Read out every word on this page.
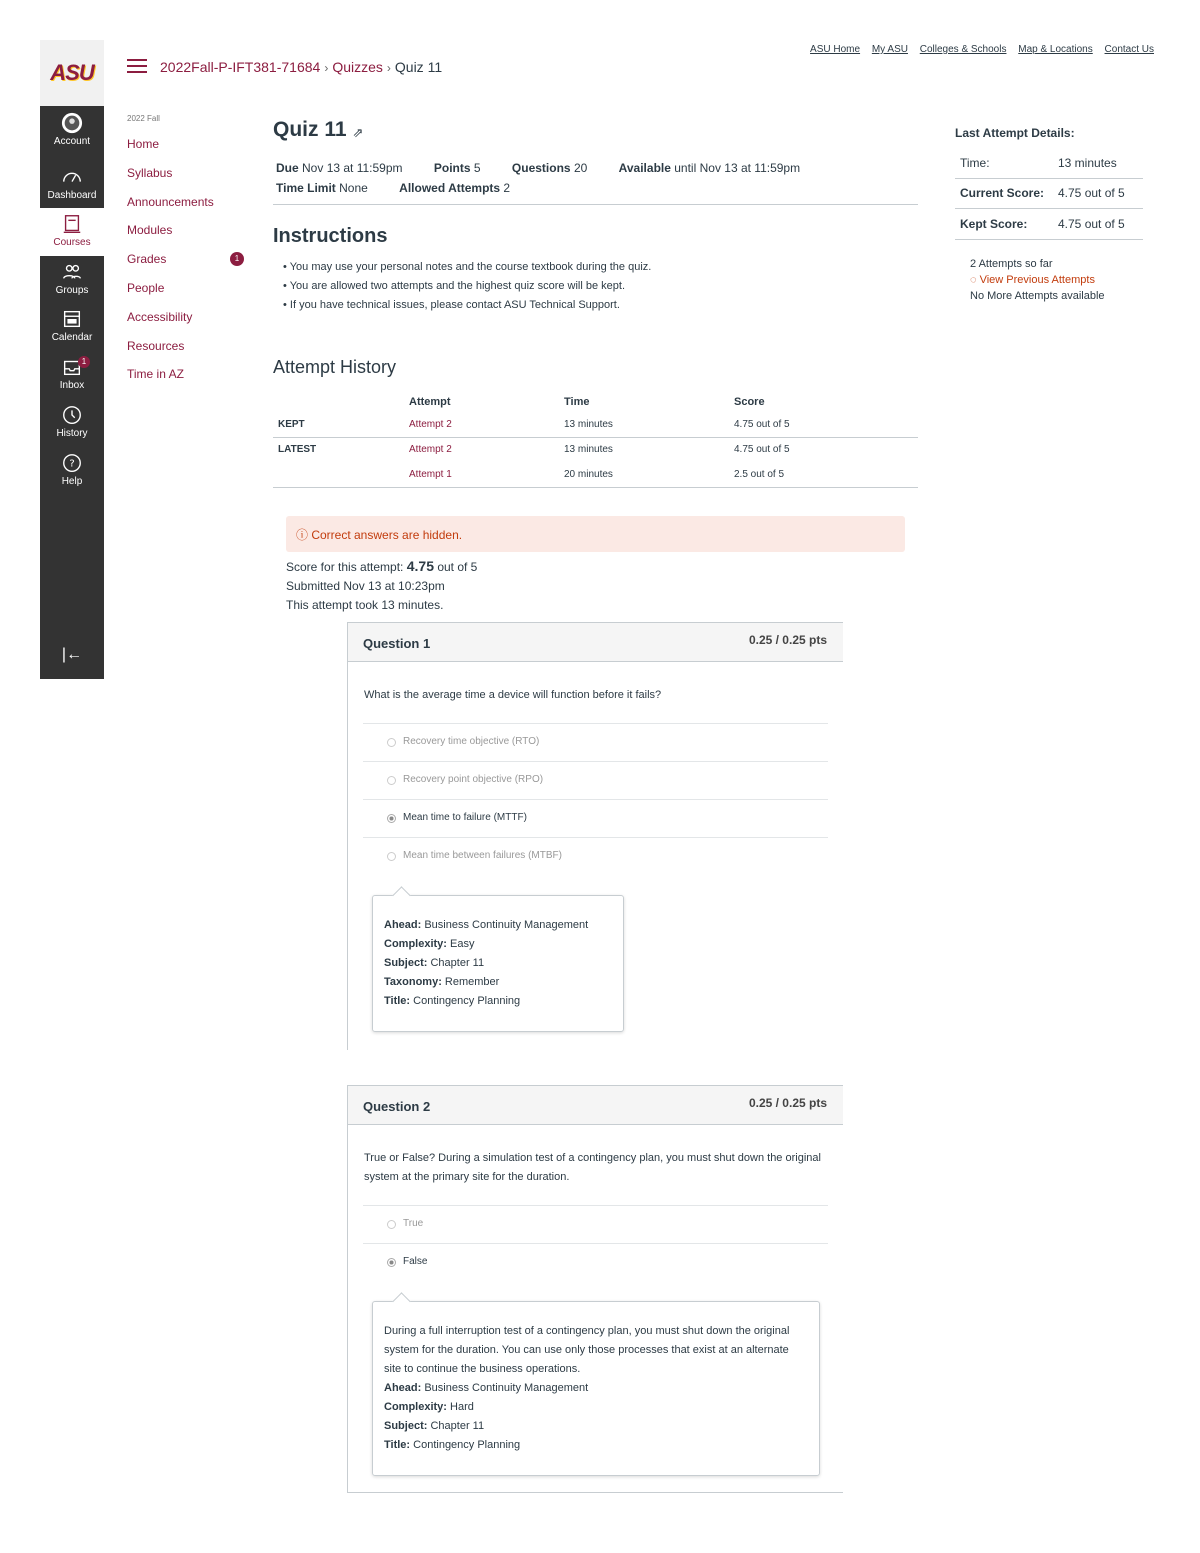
ASU
Account
Dashboard
Courses
Groups
Calendar
1
Inbox
History
?
Help
|←
2022Fall-P-IFT381-71684 › Quizzes › Quiz 11
ASU Home My ASU Colleges & Schools Map & Locations Contact Us
2022 Fall
Home
Syllabus
Announcements
Modules
Grades	1
People
Accessibility
Resources
Time in AZ
Quiz 11 ⇗
Due Nov 13 at 11:59pm	Points 5	Questions 20	Available until Nov 13 at 11:59pm
Time Limit None	Allowed Attempts 2
Instructions
• You may use your personal notes and the course textbook during the quiz.
• You are allowed two attempts and the highest quiz score will be kept.
• If you have technical issues, please contact ASU Technical Support.
Attempt History
	Attempt	Time	Score
KEPT	Attempt 2	13 minutes	4.75 out of 5
LATEST	Attempt 2	13 minutes	4.75 out of 5
	Attempt 1	20 minutes	2.5 out of 5
ⓘ Correct answers are hidden.
Score for this attempt: 4.75 out of 5
Submitted Nov 13 at 10:23pm
This attempt took 13 minutes.
Question 1	0.25 / 0.25 pts
What is the average time a device will function before it fails?
Recovery time objective (RTO)
Recovery point objective (RPO)
Mean time to failure (MTTF)
Mean time between failures (MTBF)
Ahead: Business Continuity Management
Complexity: Easy
Subject: Chapter 11
Taxonomy: Remember
Title: Contingency Planning
Question 2	0.25 / 0.25 pts
True or False? During a simulation test of a contingency plan, you must shut down the original system at the primary site for the duration.
True
False
During a full interruption test of a contingency plan, you must shut down the original system for the duration. You can use only those processes that exist at an alternate site to continue the business operations.
Ahead: Business Continuity Management
Complexity: Hard
Subject: Chapter 11
Title: Contingency Planning
Last Attempt Details:
Time:	13 minutes
Current Score:	4.75 out of 5
Kept Score:	4.75 out of 5
2 Attempts so far
◌ View Previous Attempts
No More Attempts available
